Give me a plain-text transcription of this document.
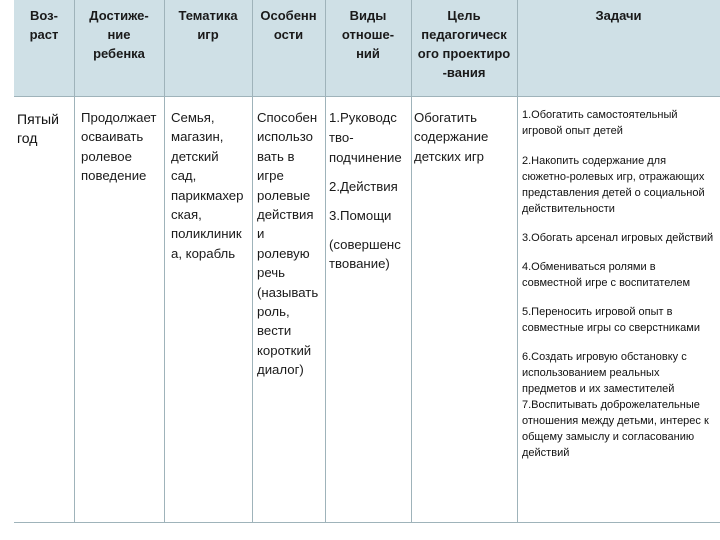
Воз-
раст
Достиже-
ние
ребенка
Тематика
игр
Особенн
ости
Виды
отноше-
ний
Цель
педагогическ
ого проектиро
-вания
Задачи
Пятый
год
Продолжает
осваивать
ролевое
поведение
Семья,
магазин,
детский
сад,
парикмахер
ская,
поликлиник
а, корабль
Способен
использо
вать в
игре
ролевые
действия
и
ролевую
речь
(называть
роль,
вести
короткий
диалог)
1.Руководс
тво-
подчинение
2.Действия
3.Помощи
(совершенс
твование)
Обогатить
содержание
детских игр
1.Обогатить самостоятельный игровой опыт детей
2.Накопить содержание для сюжетно-ролевых игр, отражающих представления детей о социальной действительности
3.Обогать арсенал игровых действий
4.Обмениваться ролями в совместной игре с воспитателем
5.Переносить игровой опыт в совместные игры со сверстниками
6.Создать игровую обстановку с использованием реальных предметов и их заместителей
7.Воспитывать доброжелательные отношения между детьми, интерес к общему замыслу и согласованию действий
